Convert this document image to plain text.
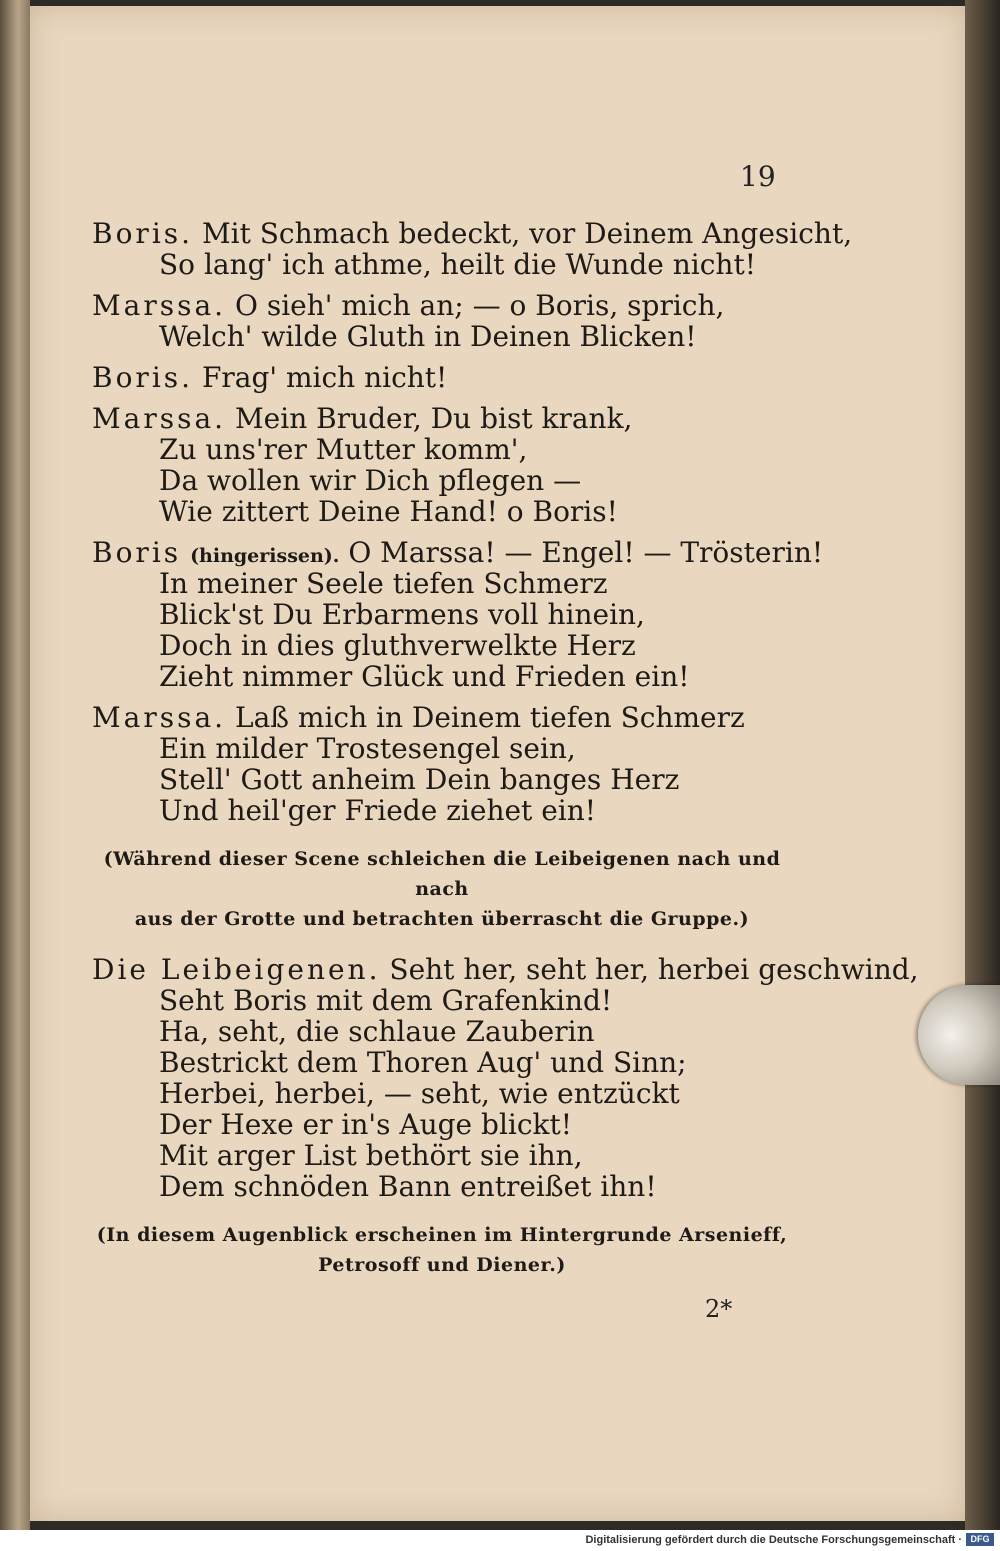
19
Boris. Mit Schmach bedeckt, vor Deinem Angesicht,
So lang' ich athme, heilt die Wunde nicht!
Marssa. O sieh' mich an; — o Boris, sprich,
Welch' wilde Gluth in Deinen Blicken!
Boris. Frag' mich nicht!
Marssa. Mein Bruder, Du bist krank,
Zu uns'rer Mutter komm',
Da wollen wir Dich pflegen —
Wie zittert Deine Hand! o Boris!
Boris (hingerissen). O Marssa! — Engel! — Trösterin!
In meiner Seele tiefen Schmerz
Blick'st Du Erbarmens voll hinein,
Doch in dies gluthverwelkte Herz
Zieht nimmer Glück und Frieden ein!
Marssa. Laß mich in Deinem tiefen Schmerz
Ein milder Trostesengel sein,
Stell' Gott anheim Dein banges Herz
Und heil'ger Friede ziehet ein!
(Während dieser Scene schleichen die Leibeigenen nach und nach
aus der Grotte und betrachten überrascht die Gruppe.)
Die Leibeigenen. Seht her, seht her, herbei geschwind,
Seht Boris mit dem Grafenkind!
Ha, seht, die schlaue Zauberin
Bestrickt dem Thoren Aug' und Sinn;
Herbei, herbei, — seht, wie entzückt
Der Hexe er in's Auge blickt!
Mit arger List bethört sie ihn,
Dem schnöden Bann entreißet ihn!
(In diesem Augenblick erscheinen im Hintergrunde Arsenieff,
Petrosoff und Diener.)
2*
Digitalisierung gefördert durch die Deutsche Forschungsgemeinschaft · DFG
